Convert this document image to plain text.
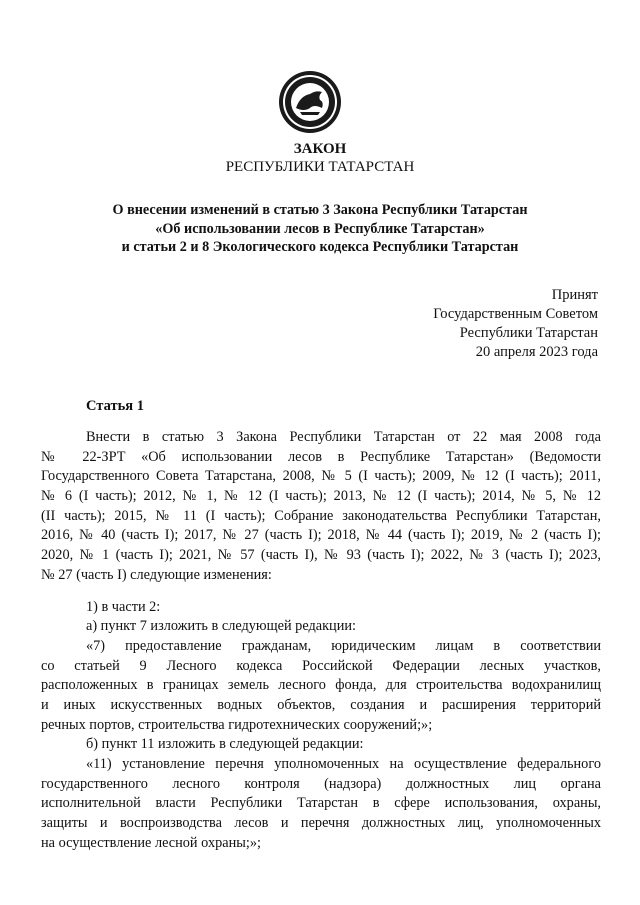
ЗАКОН
РЕСПУБЛИКИ ТАТАРСТАН
О внесении изменений в статью 3 Закона Республики Татарстан
«Об использовании лесов в Республике Татарстан»
и статьи 2 и 8 Экологического кодекса Республики Татарстан
Принят
Государственным Советом
Республики Татарстан
20 апреля 2023 года
Статья 1
Внести в статью 3 Закона Республики Татарстан от 22 мая 2008 года
№ 22-ЗРТ «Об использовании лесов в Республике Татарстан» (Ведомости
Государственного Совета Татарстана, 2008, № 5 (I часть); 2009, № 12 (I часть); 2011,
№ 6 (I часть); 2012, № 1, № 12 (I часть); 2013, № 12 (I часть); 2014, № 5, № 12
(II часть); 2015, № 11 (I часть); Собрание законодательства Республики Татарстан,
2016, № 40 (часть I); 2017, № 27 (часть I); 2018, № 44 (часть I); 2019, № 2 (часть I);
2020, № 1 (часть I); 2021, № 57 (часть I), № 93 (часть I); 2022, № 3 (часть I); 2023,
№ 27 (часть I) следующие изменения:
1) в части 2:
а) пункт 7 изложить в следующей редакции:
«7) предоставление гражданам, юридическим лицам в соответствии
со статьей 9 Лесного кодекса Российской Федерации лесных участков,
расположенных в границах земель лесного фонда, для строительства водохранилищ
и иных искусственных водных объектов, создания и расширения территорий
речных портов, строительства гидротехнических сооружений;»;
б) пункт 11 изложить в следующей редакции:
«11) установление перечня уполномоченных на осуществление федерального
государственного лесного контроля (надзора) должностных лиц органа
исполнительной власти Республики Татарстан в сфере использования, охраны,
защиты и воспроизводства лесов и перечня должностных лиц, уполномоченных
на осуществление лесной охраны;»;
